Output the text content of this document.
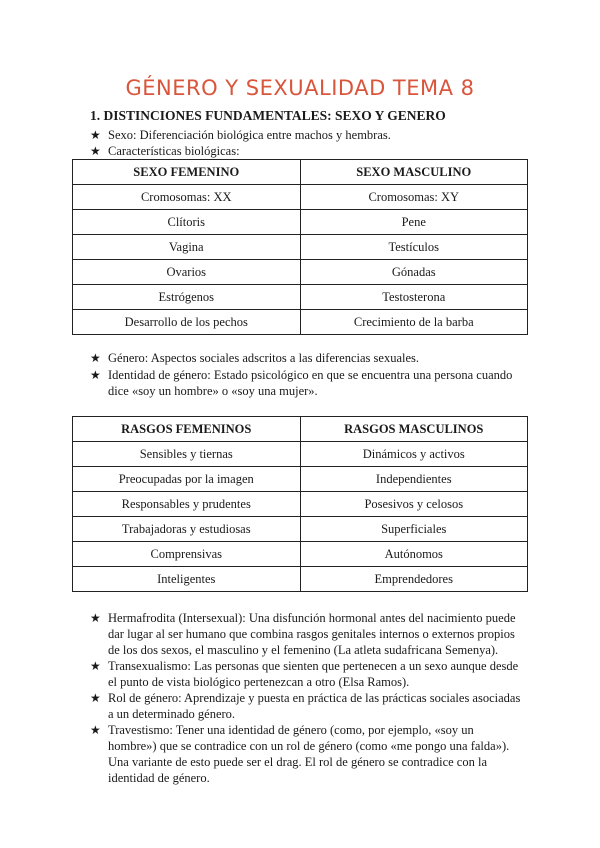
GÉNERO Y SEXUALIDAD TEMA 8
1. DISTINCIONES FUNDAMENTALES: SEXO Y GENERO
★ Sexo: Diferenciación biológica entre machos y hembras.
★ Características biológicas:
SEXO FEMENINO	SEXO MASCULINO
Cromosomas: XX	Cromosomas: XY
Clítoris	Pene
Vagina	Testículos
Ovarios	Gónadas
Estrógenos	Testosterona
Desarrollo de los pechos	Crecimiento de la barba
★ Género: Aspectos sociales adscritos a las diferencias sexuales.
★ Identidad de género: Estado psicológico en que se encuentra una persona cuando dice «soy un hombre» o «soy una mujer».
RASGOS FEMENINOS	RASGOS MASCULINOS
Sensibles y tiernas	Dinámicos y activos
Preocupadas por la imagen	Independientes
Responsables y prudentes	Posesivos y celosos
Trabajadoras y estudiosas	Superficiales
Comprensivas	Autónomos
Inteligentes	Emprendedores
★ Hermafrodita (Intersexual): Una disfunción hormonal antes del nacimiento puede dar lugar al ser humano que combina rasgos genitales internos o externos propios de los dos sexos, el masculino y el femenino (La atleta sudafricana Semenya).
★ Transexualismo: Las personas que sienten que pertenecen a un sexo aunque desde el punto de vista biológico pertenezcan a otro (Elsa Ramos).
★ Rol de género: Aprendizaje y puesta en práctica de las prácticas sociales asociadas a un determinado género.
★ Travestismo: Tener una identidad de género (como, por ejemplo, «soy un hombre») que se contradice con un rol de género (como «me pongo una falda»). Una variante de esto puede ser el drag. El rol de género se contradice con la identidad de género.
